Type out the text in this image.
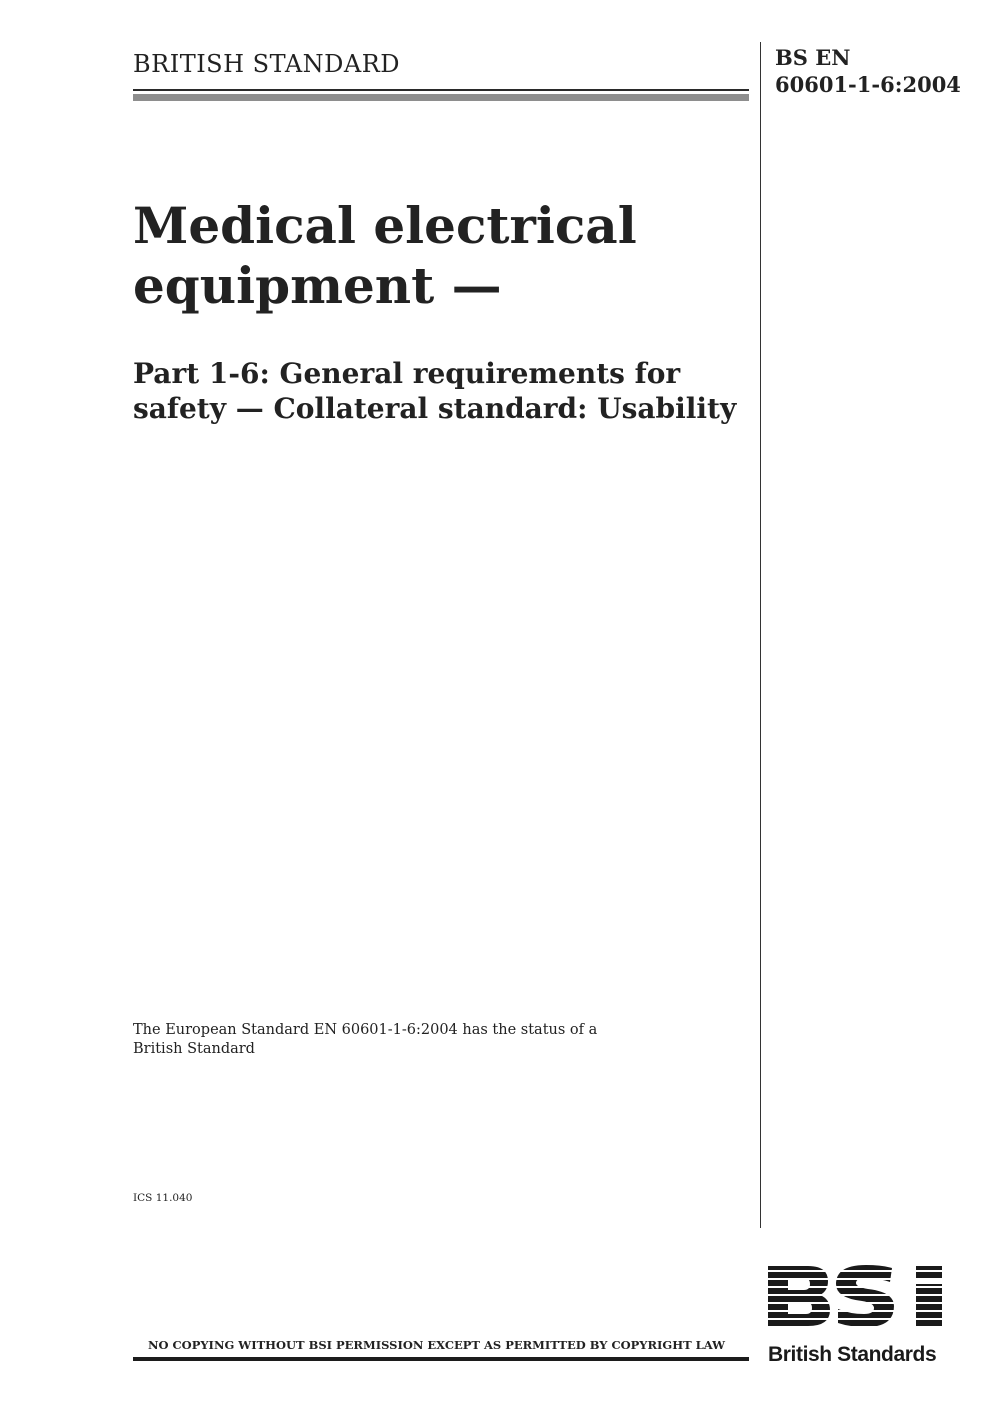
BRITISH STANDARD	BS EN
60601-1-6:2004
Medical electrical
equipment —
Part 1-6: General requirements for
safety — Collateral standard: Usability
The European Standard EN 60601-1-6:2004 has the status of a
British Standard
ICS 11.040
NO COPYING WITHOUT BSI PERMISSION EXCEPT AS PERMITTED BY COPYRIGHT LAW British Standards
